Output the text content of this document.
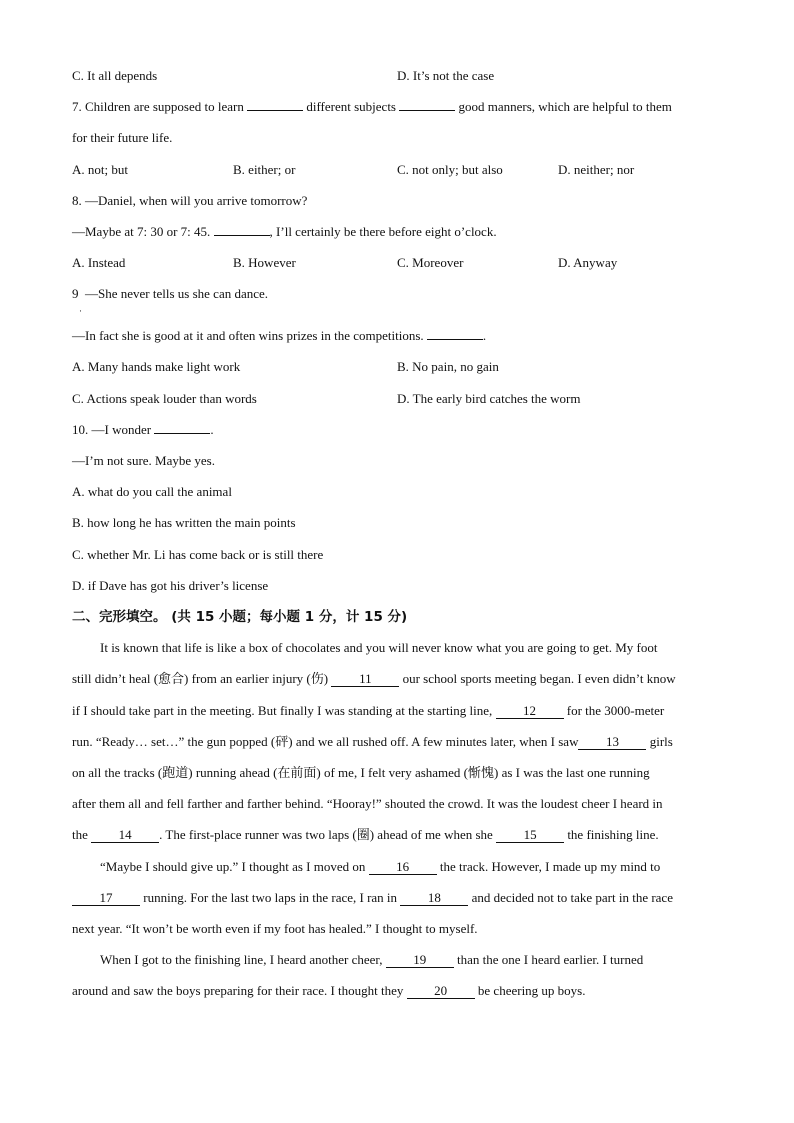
C. It all depends	D. It’s not the case
7. Children are supposed to learn	different subjects	good manners, which are helpful to them
for their future life.
A. not; but	B. either; or	C. not only; but also	D. neither; nor
8. —Daniel, when will you arrive tomorrow?
—Maybe at 7: 30 or 7: 45.	, I’ll certainly be there before eight o’clock.
A. Instead	B. However	C. Moreover	D. Anyway
9 —She never tells us she can dance.
·
—In fact she is good at it and often wins prizes in the competitions.	.
A. Many hands make light work	B. No pain, no gain
C. Actions speak louder than words	D. The early bird catches the worm
10. —I wonder	.
—I’m not sure. Maybe yes.
A. what do you call the animal
B. how long he has written the main points
C. whether Mr. Li has come back or is still there
D. if Dave has got his driver’s license
二、完形填空。 (共 15 小题；每小题 1 分，计 15 分)
It is known that life is like a box of chocolates and you will never know what you are going to get. My foot
still didn’t heal (愈合) from an earlier injury (伤) 11 our school sports meeting began. I even didn’t know
if I should take part in the meeting. But finally I was standing at the starting line, 12 for the 3000-meter
run. “Ready… set…” the gun popped (砰) and we all rushed off. A few minutes later, when I saw 13 girls
on all the tracks (跑道) running ahead (在前面) of me, I felt very ashamed (惭愧) as I was the last one running
after them all and fell farther and farther behind. “Hooray!” shouted the crowd. It was the loudest cheer I heard in
the 14 . The first-place runner was two laps (圈) ahead of me when she 15 the finishing line.
“Maybe I should give up.” I thought as I moved on 16 the track. However, I made up my mind to
17 running. For the last two laps in the race, I ran in 18 and decided not to take part in the race
next year. “It won’t be worth even if my foot has healed.” I thought to myself.
When I got to the finishing line, I heard another cheer, 19 than the one I heard earlier. I turned
around and saw the boys preparing for their race. I thought they 20 be cheering up boys.
